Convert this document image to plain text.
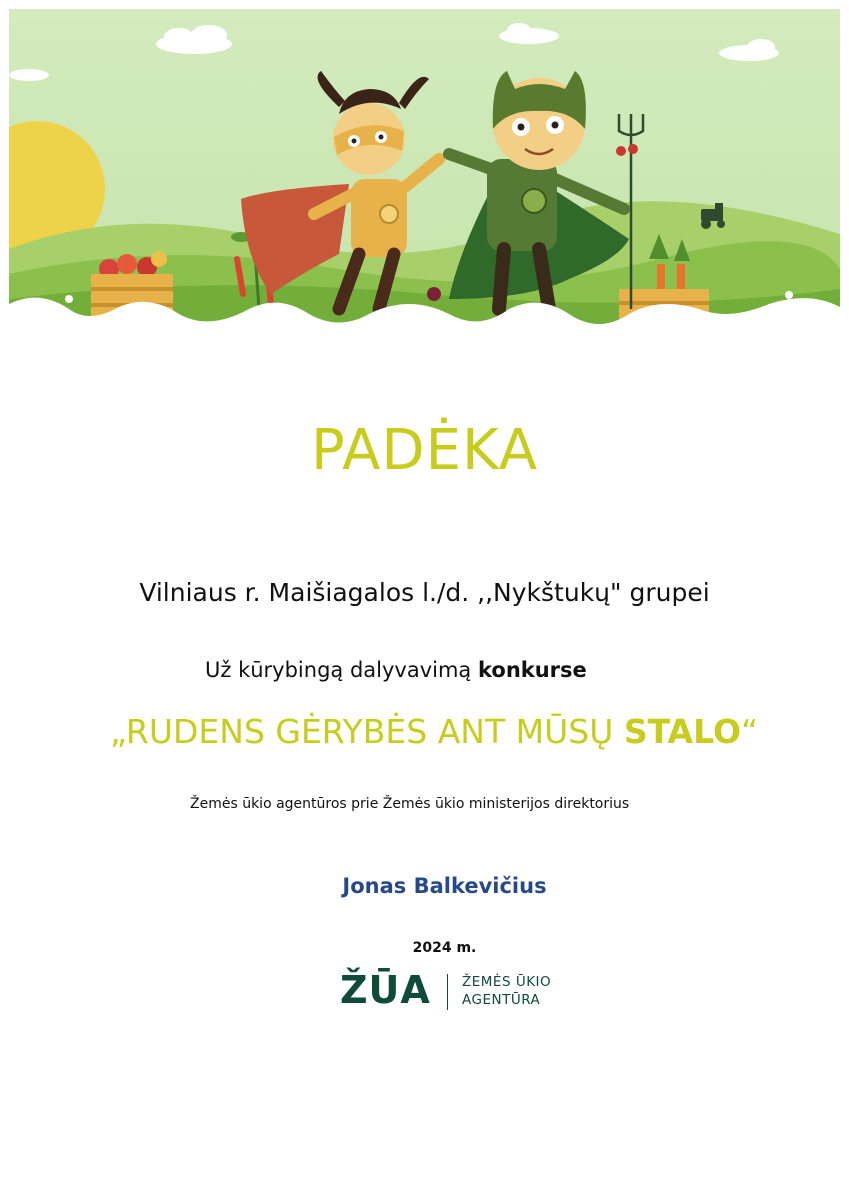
PADĖKA
Vilniaus r. Maišiagalos l./d. ,,Nykštukų" grupei
Už kūrybingą dalyvavimą konkurse
„RUDENS GĖRYBĖS ANT MŪSŲ STALO“
Žemės ūkio agentūros prie Žemės ūkio ministerijos direktorius
Jonas Balkevičius
2024 m.
ŽŪA ŽEMĖS ŪKIO
AGENTŪRA
